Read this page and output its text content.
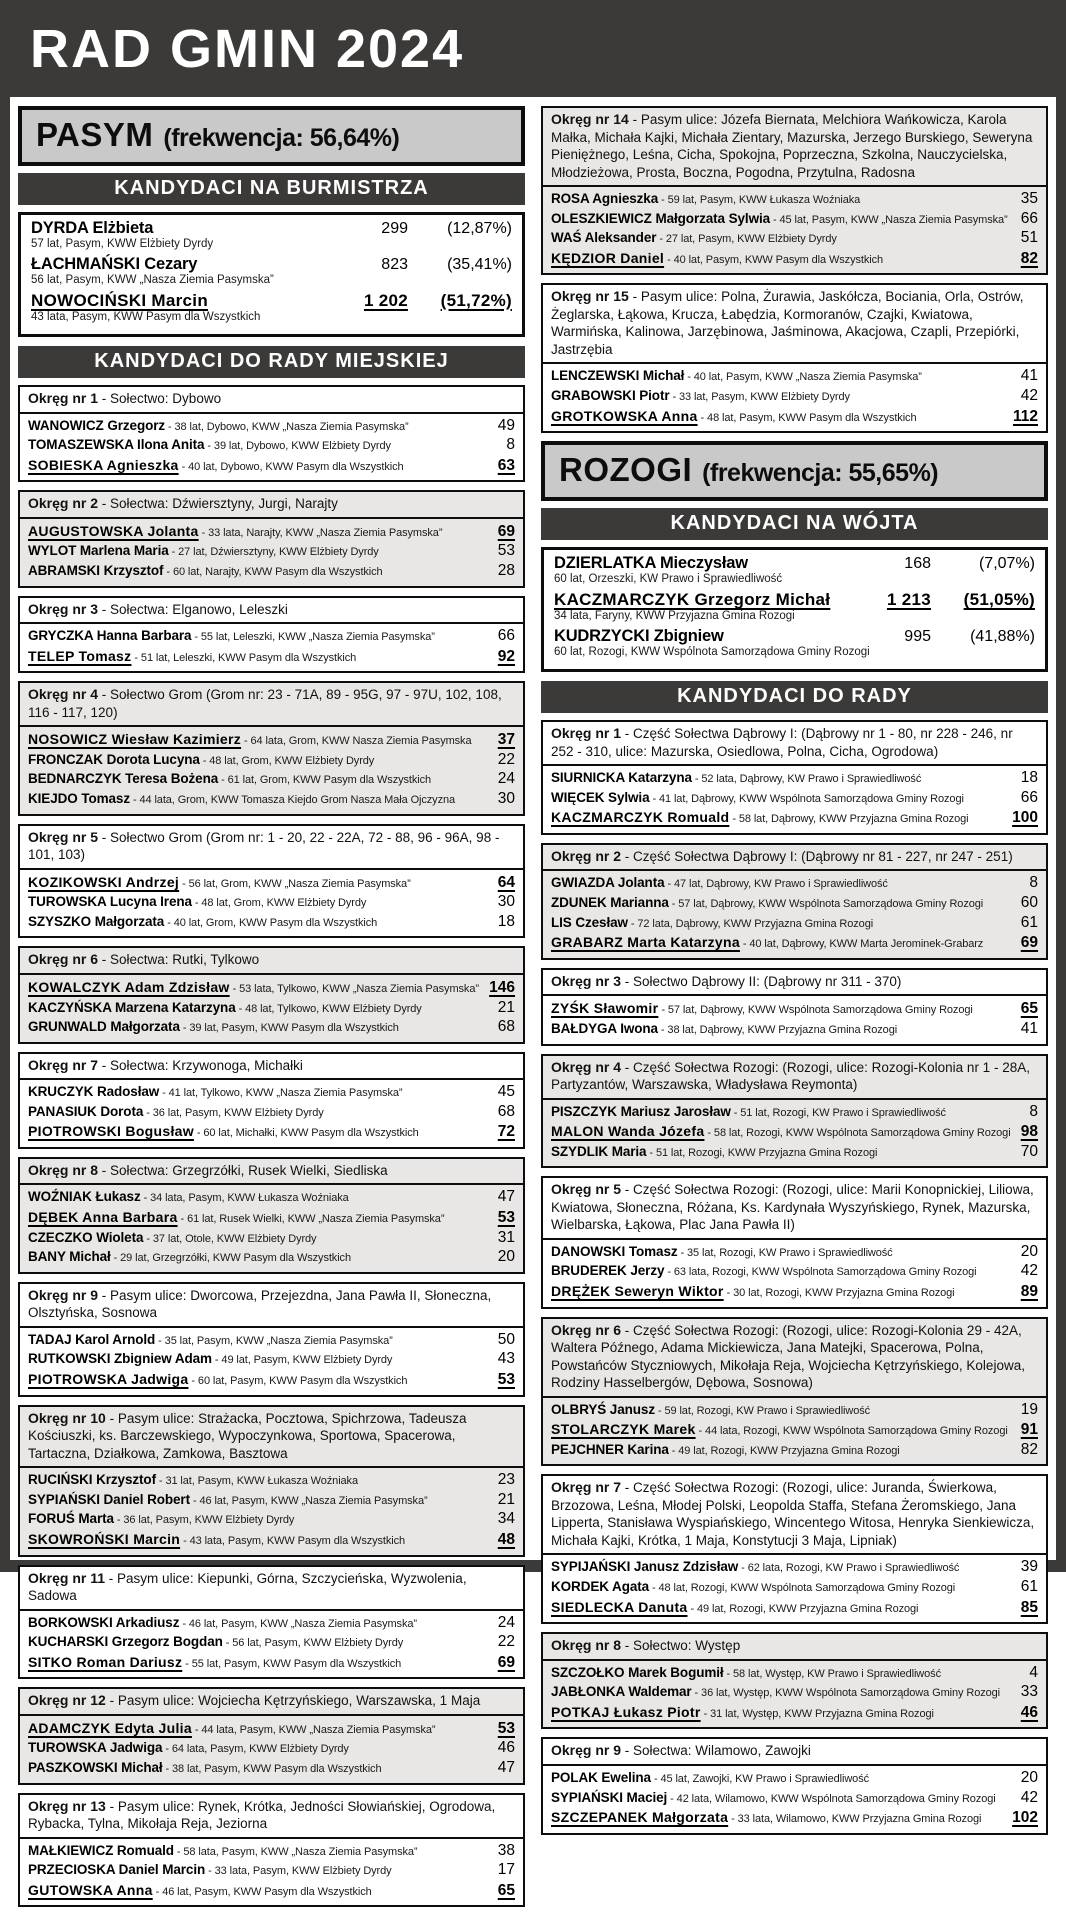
RAD GMIN 2024
PASYM (frekwencja: 56,64%)
KANDYDACI NA BURMISTRZA
DYRDA Elżbieta	299	(12,87%)
57 lat, Pasym, KWW Elżbiety Dyrdy
ŁACHMAŃSKI Cezary	823	(35,41%)
56 lat, Pasym, KWW „Nasza Ziemia Pasymska”
NOWOCIŃSKI Marcin	1 202	(51,72%)
43 lata, Pasym, KWW Pasym dla Wszystkich
KANDYDACI DO RADY MIEJSKIEJ
Okręg nr 1 - Sołectwo: Dybowo
WANOWICZ Grzegorz - 38 lat, Dybowo, KWW „Nasza Ziemia Pasymska”	49
TOMASZEWSKA Ilona Anita - 39 lat, Dybowo, KWW Elżbiety Dyrdy	8
SOBIESKA Agnieszka - 40 lat, Dybowo, KWW Pasym dla Wszystkich	63
Okręg nr 2 - Sołectwa: Dźwiersztyny, Jurgi, Narajty
AUGUSTOWSKA Jolanta - 33 lata, Narajty, KWW „Nasza Ziemia Pasymska”	69
WYLOT Marlena Maria - 27 lat, Dźwiersztyny, KWW Elżbiety Dyrdy	53
ABRAMSKI Krzysztof - 60 lat, Narajty, KWW Pasym dla Wszystkich	28
Okręg nr 3 - Sołectwa: Elganowo, Leleszki
GRYCZKA Hanna Barbara - 55 lat, Leleszki, KWW „Nasza Ziemia Pasymska”	66
TELEP Tomasz - 51 lat, Leleszki, KWW Pasym dla Wszystkich	92
Okręg nr 4 - Sołectwo Grom (Grom nr: 23 - 71A, 89 - 95G, 97 - 97U, 102, 108, 116 - 117, 120)
NOSOWICZ Wiesław Kazimierz - 64 lata, Grom, KWW Nasza Ziemia Pasymska	37
FRONCZAK Dorota Lucyna - 48 lat, Grom, KWW Elżbiety Dyrdy	22
BEDNARCZYK Teresa Bożena - 61 lat, Grom, KWW Pasym dla Wszystkich	24
KIEJDO Tomasz - 44 lata, Grom, KWW Tomasza Kiejdo Grom Nasza Mała Ojczyzna	30
Okręg nr 5 - Sołectwo Grom (Grom nr: 1 - 20, 22 - 22A, 72 - 88, 96 - 96A, 98 - 101, 103)
KOZIKOWSKI Andrzej - 56 lat, Grom, KWW „Nasza Ziemia Pasymska”	64
TUROWSKA Lucyna Irena - 48 lat, Grom, KWW Elżbiety Dyrdy	30
SZYSZKO Małgorzata - 40 lat, Grom, KWW Pasym dla Wszystkich	18
Okręg nr 6 - Sołectwa: Rutki, Tylkowo
KOWALCZYK Adam Zdzisław - 53 lata, Tylkowo, KWW „Nasza Ziemia Pasymska” 146
KACZYŃSKA Marzena Katarzyna - 48 lat, Tylkowo, KWW Elżbiety Dyrdy	21
GRUNWALD Małgorzata - 39 lat, Pasym, KWW Pasym dla Wszystkich	68
Okręg nr 7 - Sołectwa: Krzywonoga, Michałki
KRUCZYK Radosław - 41 lat, Tylkowo, KWW „Nasza Ziemia Pasymska”	45
PANASIUK Dorota - 36 lat, Pasym, KWW Elżbiety Dyrdy	68
PIOTROWSKI Bogusław - 60 lat, Michałki, KWW Pasym dla Wszystkich	72
Okręg nr 8 - Sołectwa: Grzegrzółki, Rusek Wielki, Siedliska
WOŹNIAK Łukasz - 34 lata, Pasym, KWW Łukasza Woźniaka	47
DĘBEK Anna Barbara - 61 lat, Rusek Wielki, KWW „Nasza Ziemia Pasymska”	53
CZECZKO Wioleta - 37 lat, Otole, KWW Elżbiety Dyrdy	31
BANY Michał - 29 lat, Grzegrzółki, KWW Pasym dla Wszystkich	20
Okręg nr 9 - Pasym ulice: Dworcowa, Przejezdna, Jana Pawła II, Słoneczna, Olsztyńska, Sosnowa
TADAJ Karol Arnold - 35 lat, Pasym, KWW „Nasza Ziemia Pasymska”	50
RUTKOWSKI Zbigniew Adam - 49 lat, Pasym, KWW Elżbiety Dyrdy	43
PIOTROWSKA Jadwiga - 60 lat, Pasym, KWW Pasym dla Wszystkich	53
Okręg nr 10 - Pasym ulice: Strażacka, Pocztowa, Spichrzowa, Tadeusza Kościuszki, ks. Barczewskiego, Wypoczynkowa, Sportowa, Spacerowa, Tartaczna, Działkowa, Zamkowa, Basztowa
RUCIŃSKI Krzysztof - 31 lat, Pasym, KWW Łukasza Woźniaka	23
SYPIAŃSKI Daniel Robert - 46 lat, Pasym, KWW „Nasza Ziemia Pasymska”	21
FORUŚ Marta - 36 lat, Pasym, KWW Elżbiety Dyrdy	34
SKOWROŃSKI Marcin - 43 lata, Pasym, KWW Pasym dla Wszystkich	48
Okręg nr 11 - Pasym ulice: Kiepunki, Górna, Szczycieńska, Wyzwolenia, Sadowa
BORKOWSKI Arkadiusz - 46 lat, Pasym, KWW „Nasza Ziemia Pasymska”	24
KUCHARSKI Grzegorz Bogdan - 56 lat, Pasym, KWW Elżbiety Dyrdy	22
SITKO Roman Dariusz - 55 lat, Pasym, KWW Pasym dla Wszystkich	69
Okręg nr 12 - Pasym ulice: Wojciecha Kętrzyńskiego, Warszawska, 1 Maja
ADAMCZYK Edyta Julia - 44 lata, Pasym, KWW „Nasza Ziemia Pasymska”	53
TUROWSKA Jadwiga - 64 lata, Pasym, KWW Elżbiety Dyrdy	46
PASZKOWSKI Michał - 38 lat, Pasym, KWW Pasym dla Wszystkich	47
Okręg nr 13 - Pasym ulice: Rynek, Krótka, Jedności Słowiańskiej, Ogrodowa, Rybacka, Tylna, Mikołaja Reja, Jeziorna
MAŁKIEWICZ Romuald - 58 lata, Pasym, KWW „Nasza Ziemia Pasymska”	38
PRZECIOSKA Daniel Marcin - 33 lata, Pasym, KWW Elżbiety Dyrdy	17
GUTOWSKA Anna - 46 lat, Pasym, KWW Pasym dla Wszystkich	65
Okręg nr 14 - Pasym ulice: Józefa Biernata, Melchiora Wańkowicza, Karola Małka, Michała Kajki, Michała Zientary, Mazurska, Jerzego Burskiego, Seweryna Pieniężnego, Leśna, Cicha, Spokojna, Poprzeczna, Szkolna, Nauczycielska, Młodzieżowa, Prosta, Boczna, Pogodna, Przytulna, Radosna
ROSA Agnieszka - 59 lat, Pasym, KWW Łukasza Woźniaka	35
OLESZKIEWICZ Małgorzata Sylwia - 45 lat, Pasym, KWW „Nasza Ziemia Pasymska” 66
WAŚ Aleksander - 27 lat, Pasym, KWW Elżbiety Dyrdy	51
KĘDZIOR Daniel - 40 lat, Pasym, KWW Pasym dla Wszystkich	82
Okręg nr 15 - Pasym ulice: Polna, Żurawia, Jaskółcza, Bociania, Orla, Ostrów, Żeglarska, Łąkowa, Krucza, Łabędzia, Kormoranów, Czajki, Kwiatowa, Warmińska, Kalinowa, Jarzębinowa, Jaśminowa, Akacjowa, Czapli, Przepiórki, Jastrzębia
LENCZEWSKI Michał - 40 lat, Pasym, KWW „Nasza Ziemia Pasymska”	41
GRABOWSKI Piotr - 33 lat, Pasym, KWW Elżbiety Dyrdy	42
GROTKOWSKA Anna - 48 lat, Pasym, KWW Pasym dla Wszystkich	112
ROZOGI (frekwencja: 55,65%)
KANDYDACI NA WÓJTA
DZIERLATKA Mieczysław	168	(7,07%)
60 lat, Orzeszki, KW Prawo i Sprawiedliwość
KACZMARCZYK Grzegorz Michał	1 213	(51,05%)
34 lata, Faryny, KWW Przyjazna Gmina Rozogi
KUDRZYCKI Zbigniew	995	(41,88%)
60 lat, Rozogi, KWW Wspólnota Samorządowa Gminy Rozogi
KANDYDACI DO RADY
Okręg nr 1 - Część Sołectwa Dąbrowy I: (Dąbrowy nr 1 - 80, nr 228 - 246, nr 252 - 310, ulice: Mazurska, Osiedlowa, Polna, Cicha, Ogrodowa)
SIURNICKA Katarzyna - 52 lata, Dąbrowy, KW Prawo i Sprawiedliwość	18
WIĘCEK Sylwia - 41 lat, Dąbrowy, KWW Wspólnota Samorządowa Gminy Rozogi	66
KACZMARCZYK Romuald - 58 lat, Dąbrowy, KWW Przyjazna Gmina Rozogi	100
Okręg nr 2 - Część Sołectwa Dąbrowy I: (Dąbrowy nr 81 - 227, nr 247 - 251)
GWIAZDA Jolanta - 47 lat, Dąbrowy, KW Prawo i Sprawiedliwość	8
ZDUNEK Marianna - 57 lat, Dąbrowy, KWW Wspólnota Samorządowa Gminy Rozogi	60
LIS Czesław - 72 lata, Dąbrowy, KWW Przyjazna Gmina Rozogi	61
GRABARZ Marta Katarzyna - 40 lat, Dąbrowy, KWW Marta Jerominek-Grabarz	69
Okręg nr 3 - Sołectwo Dąbrowy II: (Dąbrowy nr 311 - 370)
ZYŚK Sławomir - 57 lat, Dąbrowy, KWW Wspólnota Samorządowa Gminy Rozogi	65
BAŁDYGA Iwona - 38 lat, Dąbrowy, KWW Przyjazna Gmina Rozogi	41
Okręg nr 4 - Część Sołectwa Rozogi: (Rozogi, ulice: Rozogi-Kolonia nr 1 - 28A, Partyzantów, Warszawska, Władysława Reymonta)
PISZCZYK Mariusz Jarosław - 51 lat, Rozogi, KW Prawo i Sprawiedliwość	8
MALON Wanda Józefa - 58 lat, Rozogi, KWW Wspólnota Samorządowa Gminy Rozogi 98
SZYDLIK Maria - 51 lat, Rozogi, KWW Przyjazna Gmina Rozogi	70
Okręg nr 5 - Część Sołectwa Rozogi: (Rozogi, ulice: Marii Konopnickiej, Liliowa, Kwiatowa, Słoneczna, Różana, Ks. Kardynała Wyszyńskiego, Rynek, Mazurska, Wielbarska, Łąkowa, Plac Jana Pawła II)
DANOWSKI Tomasz - 35 lat, Rozogi, KW Prawo i Sprawiedliwość	20
BRUDEREK Jerzy - 63 lata, Rozogi, KWW Wspólnota Samorządowa Gminy Rozogi	42
DRĘŻEK Seweryn Wiktor - 30 lat, Rozogi, KWW Przyjazna Gmina Rozogi	89
Okręg nr 6 - Część Sołectwa Rozogi: (Rozogi, ulice: Rozogi-Kolonia 29 - 42A, Waltera Późnego, Adama Mickiewicza, Jana Matejki, Spacerowa, Polna, Powstańców Styczniowych, Mikołaja Reja, Wojciecha Kętrzyńskiego, Kolejowa, Rodziny Hasselbergów, Dębowa, Sosnowa)
OLBRYŚ Janusz - 59 lat, Rozogi, KW Prawo i Sprawiedliwość	19
STOLARCZYK Marek - 44 lata, Rozogi, KWW Wspólnota Samorządowa Gminy Rozogi 91
PEJCHNER Karina - 49 lat, Rozogi, KWW Przyjazna Gmina Rozogi	82
Okręg nr 7 - Część Sołectwa Rozogi: (Rozogi, ulice: Juranda, Świerkowa, Brzozowa, Leśna, Młodej Polski, Leopolda Staffa, Stefana Żeromskiego, Jana Lipperta, Stanisława Wyspiańskiego, Wincentego Witosa, Henryka Sienkiewicza, Michała Kajki, Krótka, 1 Maja, Konstytucji 3 Maja, Lipniak)
SYPIJAŃSKI Janusz Zdzisław - 62 lata, Rozogi, KW Prawo i Sprawiedliwość	39
KORDEK Agata - 48 lat, Rozogi, KWW Wspólnota Samorządowa Gminy Rozogi	61
SIEDLECKA Danuta - 49 lat, Rozogi, KWW Przyjazna Gmina Rozogi	85
Okręg nr 8 - Sołectwo: Występ
SZCZOŁKO Marek Bogumił - 58 lat, Występ, KW Prawo i Sprawiedliwość	4
JABŁONKA Waldemar - 36 lat, Występ, KWW Wspólnota Samorządowa Gminy Rozogi	33
POTKAJ Łukasz Piotr - 31 lat, Występ, KWW Przyjazna Gmina Rozogi	46
Okręg nr 9 - Sołectwa: Wilamowo, Zawojki
POLAK Ewelina - 45 lat, Zawojki, KW Prawo i Sprawiedliwość	20
SYPIAŃSKI Maciej - 42 lata, Wilamowo, KWW Wspólnota Samorządowa Gminy Rozogi	42
SZCZEPANEK Małgorzata - 33 lata, Wilamowo, KWW Przyjazna Gmina Rozogi	102
